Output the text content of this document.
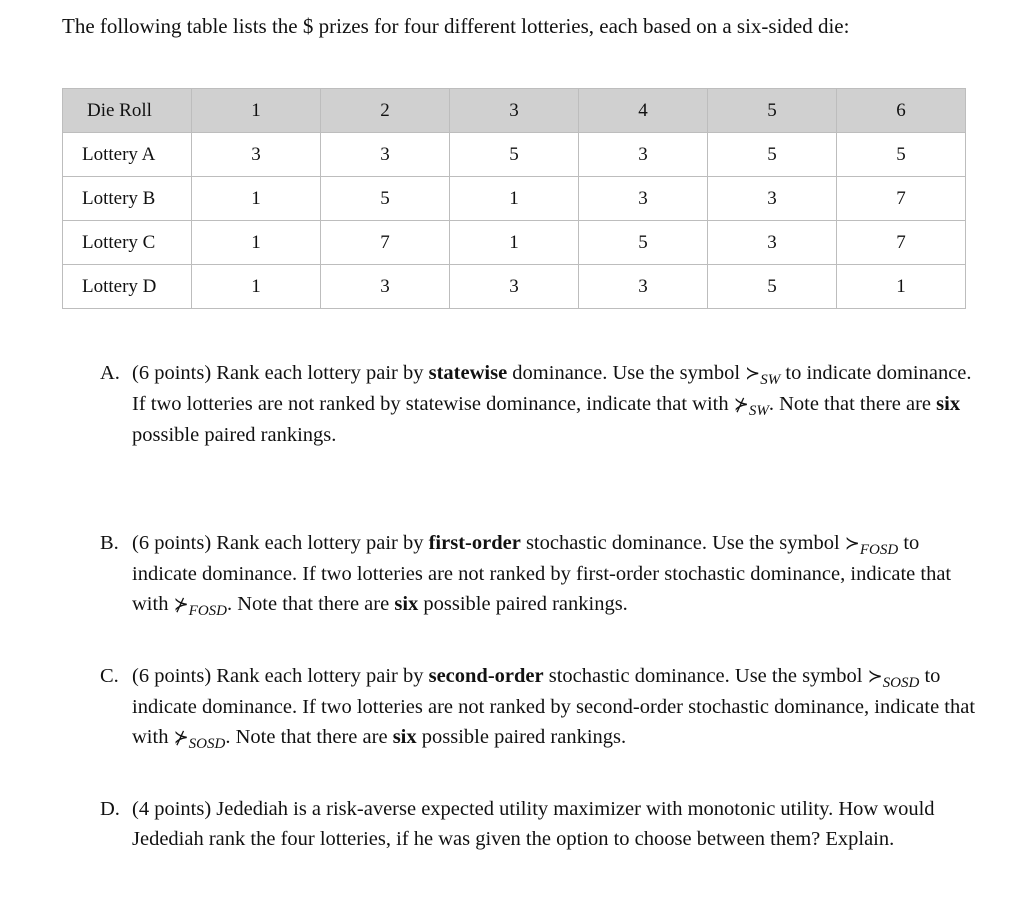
The following table lists the $ prizes for four different lotteries, each based on a six-sided die:
Die Roll	1	2	3	4	5	6
Lottery A	3	3	5	3	5	5
Lottery B	1	5	1	3	3	7
Lottery C	1	7	1	5	3	7
Lottery D	1	3	3	3	5	1
A. (6 points) Rank each lottery pair by statewise dominance. Use the symbol $≻_{SW}$ to indicate dominance. If two lotteries are not ranked by statewise dominance, indicate that with $⊁_{SW}$. Note that there are six possible paired rankings.
B. (6 points) Rank each lottery pair by first-order stochastic dominance. Use the symbol $≻_{FOSD}$ to indicate dominance. If two lotteries are not ranked by first-order stochastic dominance, indicate that with $⊁_{FOSD}$. Note that there are six possible paired rankings.
C. (6 points) Rank each lottery pair by second-order stochastic dominance. Use the symbol $≻_{SOSD}$ to indicate dominance. If two lotteries are not ranked by second-order stochastic dominance, indicate that with $⊁_{SOSD}$. Note that there are six possible paired rankings.
D. (4 points) Jedediah is a risk-averse expected utility maximizer with monotonic utility. How would Jedediah rank the four lotteries, if he was given the option to choose between them? Explain.
